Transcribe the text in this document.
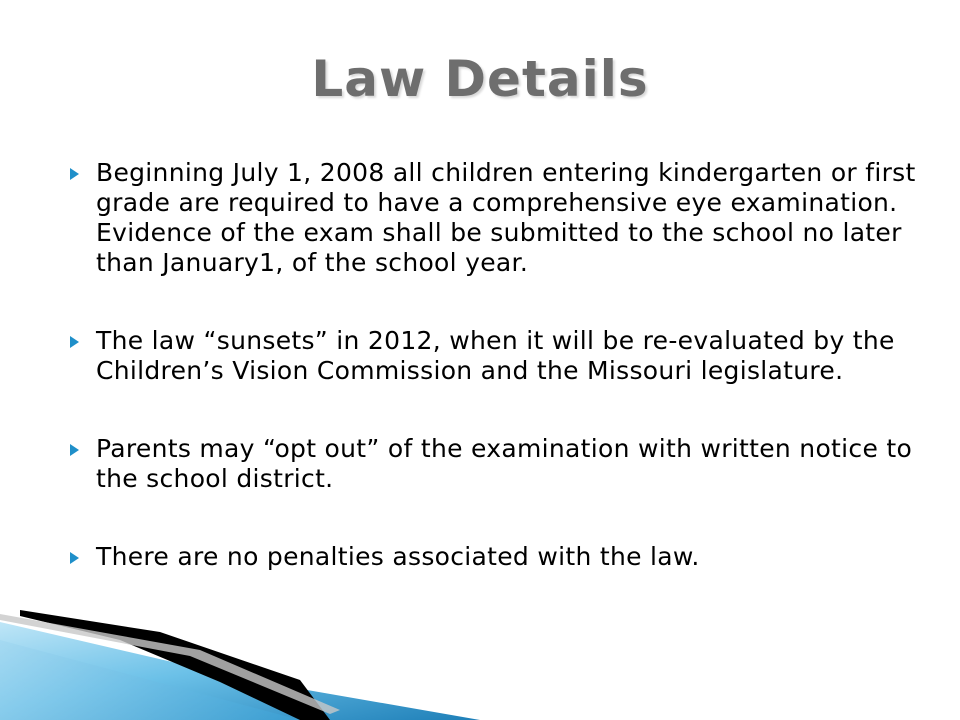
Law Details
Beginning July 1, 2008 all children entering kindergarten or first grade are required to have a comprehensive eye examination. Evidence of the exam shall be submitted to the school no later than January1, of the school year.
The law “sunsets” in 2012, when it will be re-evaluated by the Children’s Vision Commission and the Missouri legislature.
Parents may “opt out” of the examination with written notice to the school district.
There are no penalties associated with the law.
